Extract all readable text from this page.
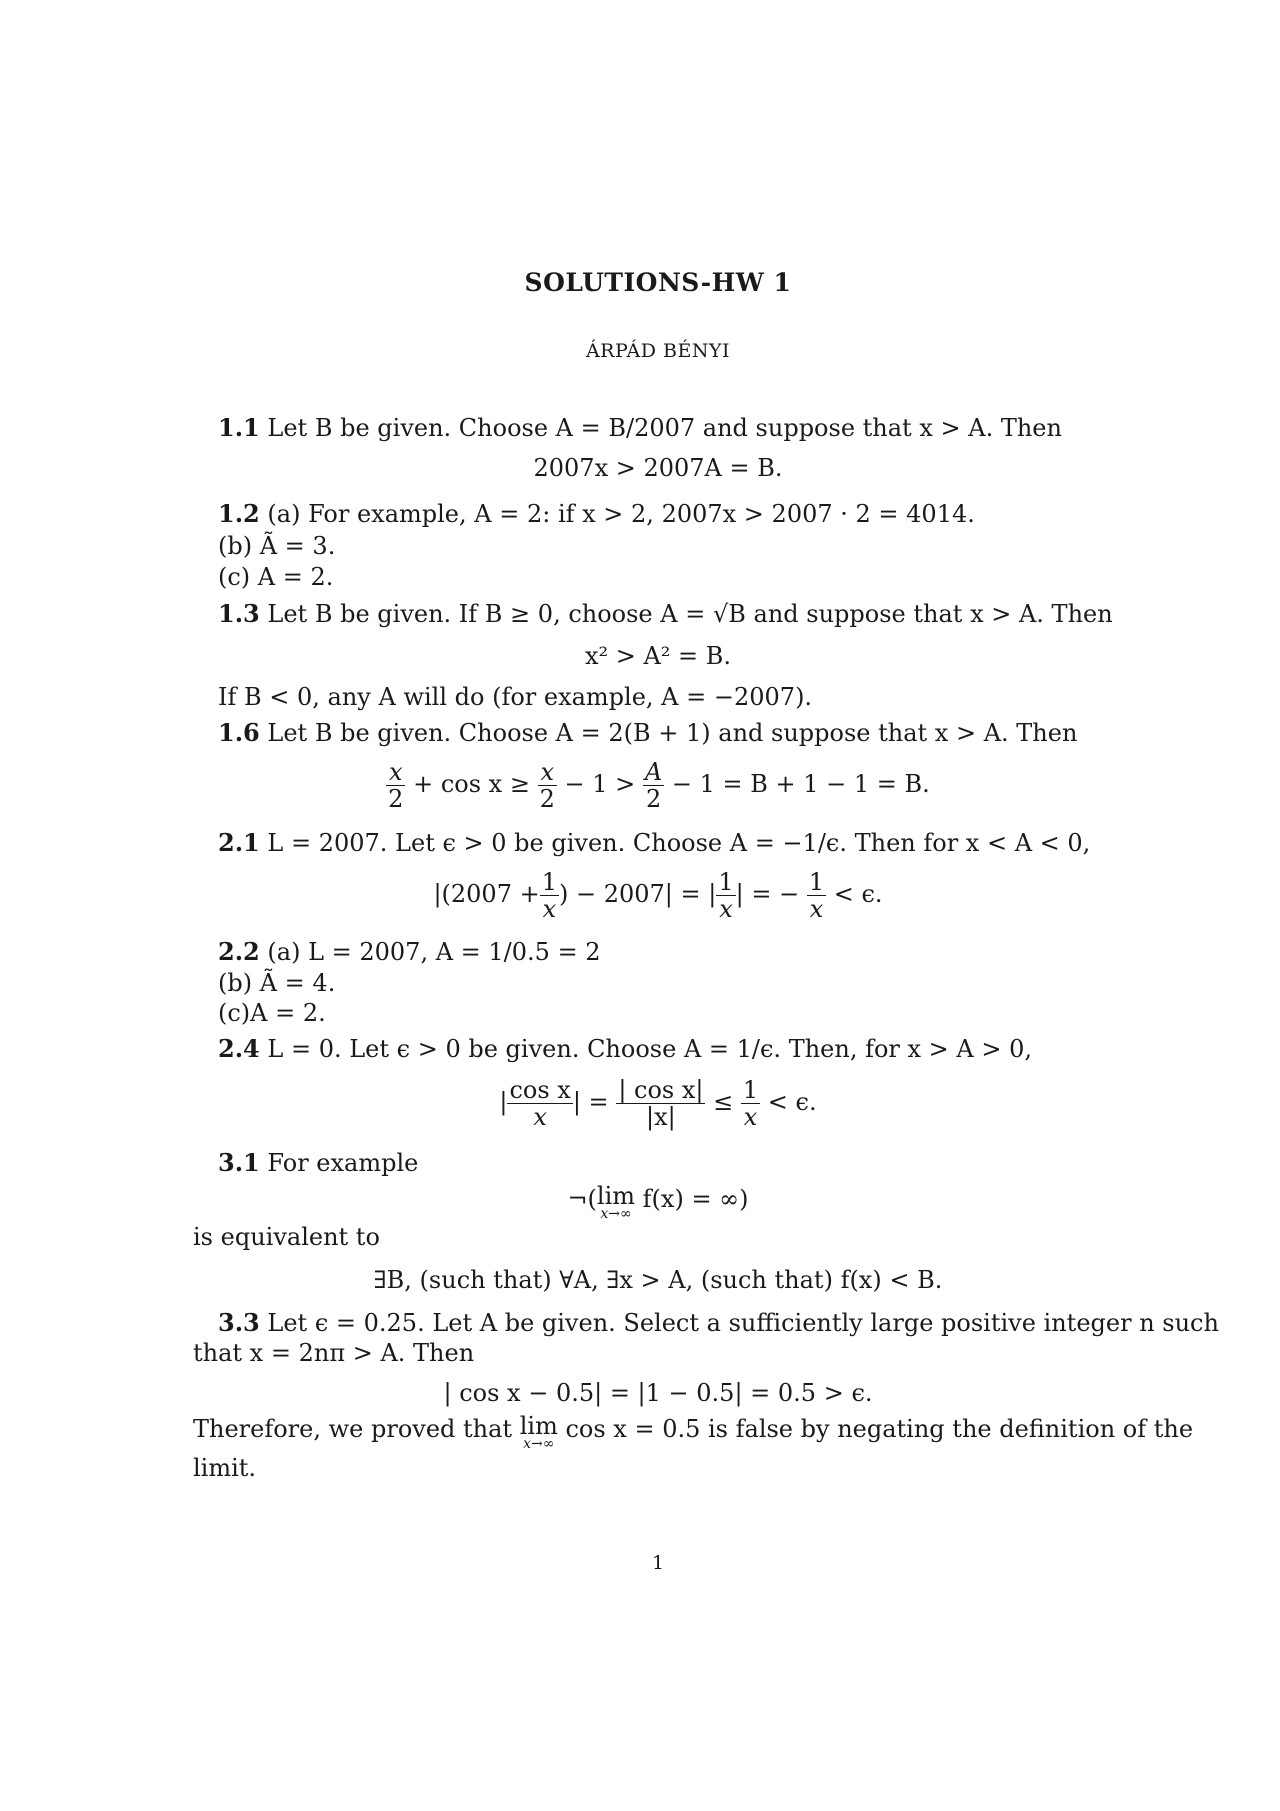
SOLUTIONS-HW 1
ÁRPÁD BÉNYI
1.1 Let B be given. Choose A = B/2007 and suppose that x > A. Then
2007x > 2007A = B.
1.2 (a) For example, A = 2: if x > 2, 2007x > 2007 · 2 = 4014.
(b) Ã = 3.
(c) A = 2.
1.3 Let B be given. If B ≥ 0, choose A = √B and suppose that x > A. Then
x² > A² = B.
If B < 0, any A will do (for example, A = −2007).
1.6 Let B be given. Choose A = 2(B + 1) and suppose that x > A. Then
$\frac{x}{2} + \cos x \ge \frac{x}{2} - 1 > \frac{A}{2} - 1 = B + 1 - 1 = B$.
2.1 L = 2007. Let ϵ > 0 be given. Choose A = −1/ϵ. Then for x < A < 0,
$|(2007 + \frac{1}{x}$ ) − 2007| = | $\frac{1}{x}$ | = − $\frac{1}{x} < \epsilon$.
2.2 (a) L = 2007, A = 1/0.5 = 2
(b) Ã = 4.
(c)A = 2.
2.4 L = 0. Let ϵ > 0 be given. Choose A = 1/ϵ. Then, for x > A > 0,
| $\frac{\text{cos x}}{x}$ | = $\frac{\text{| cos x|}}{|x|} \le \frac{1}{x} < \epsilon$.
3.1 For example
¬(lim
x→∞
f(x) = ∞)
is equivalent to
∃B, (such that) ∀A, ∃x > A, (such that) f(x) < B.
3.3 Let ϵ = 0.25. Let A be given. Select a sufficiently large positive integer n such
that x = 2nπ > A. Then
| cos x − 0.5| = |1 − 0.5| = 0.5 > ϵ.
Therefore, we proved that lim
x→∞
cos x = 0.5 is false by negating the definition of the
limit.
1
